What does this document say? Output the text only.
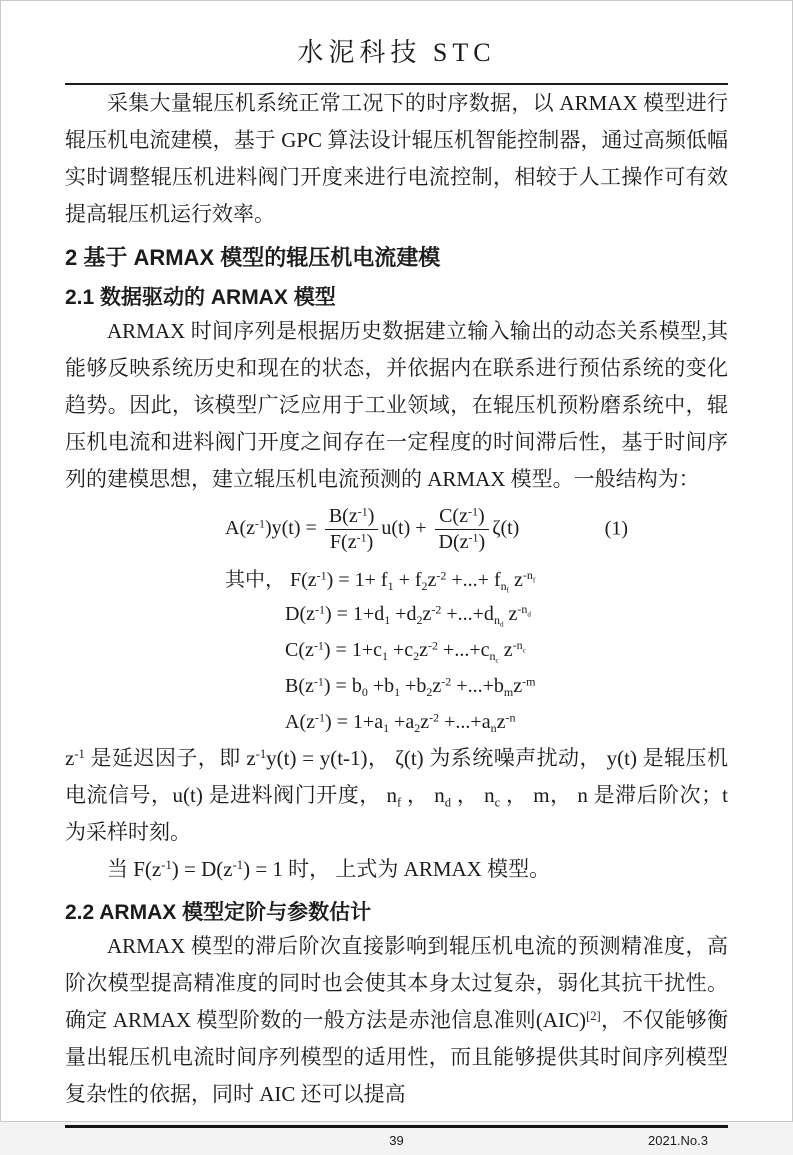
水泥科技 STC

采集大量辊压机系统正常工况下的时序数据，以 ARMAX 模型进行辊压机电流建模，基于 GPC 算法设计辊压机智能控制器，通过高频低幅实时调整辊压机进料阀门开度来进行电流控制，相较于人工操作可有效提高辊压机运行效率。

2 基于 ARMAX 模型的辊压机电流建模
2.1 数据驱动的 ARMAX 模型

ARMAX 时间序列是根据历史数据建立输入输出的动态关系模型,其能够反映系统历史和现在的状态，并依据内在联系进行预估系统的变化趋势。因此，该模型广泛应用于工业领域，在辊压机预粉磨系统中，辊压机电流和进料阀门开度之间存在一定程度的时间滞后性，基于时间序列的建模思想，建立辊压机电流预测的 ARMAX 模型。一般结构为：

$A(z^{-1})y(t) = \frac{B(z^{-1})}{F(z^{-1})} u(t) + \frac{C(z^{-1})}{D(z^{-1})} \zeta(t)$	(1)
其中， $F(z^{-1}) = 1+ f_1 + f_2z^{-2}$ +...+ $f_{n_f}$ $z^{-n_f}$
$D(z^{-1}) = 1+d_1 +d_2z^{-2} +...+d_{n_d}$ $z^{-n_d}$
$C(z^{-1}) = 1+c_1 +c_2z^{-2} +...+c_{n_c}$ $z^{-n_c}$
$B(z^{-1}) = b_0 +b_1 +b_2z^{-2} +...+b_mz^{-m}$
$A(z^{-1}) = 1+a_1 +a_2z^{-2} +...+a_nz^{-n}$

$z^{-1}$ 是延迟因子，即 $z^{-1}y(t) = y(t-1)$， ζ(t) 为系统噪声扰动， y(t) 是辊压机电流信号，u(t) 是进料阀门开度， $n_f$ ， $n_d$ ， $n_c$ ， m， n 是滞后阶次；t 为采样时刻。

当 $F(z^{-1}) = D(z^{-1}) = 1$ 时， 上式为 ARMAX 模型。

2.2 ARMAX 模型定阶与参数估计

ARMAX 模型的滞后阶次直接影响到辊压机电流的预测精准度，高阶次模型提高精准度的同时也会使其本身太过复杂，弱化其抗干扰性。确定 ARMAX 模型阶数的一般方法是赤池信息准则(AIC)[2]，不仅能够衡量出辊压机电流时间序列模型的适用性，而且能够提供其时间序列模型复杂性的依据，同时 AIC 还可以提高

39	2021.No.3
